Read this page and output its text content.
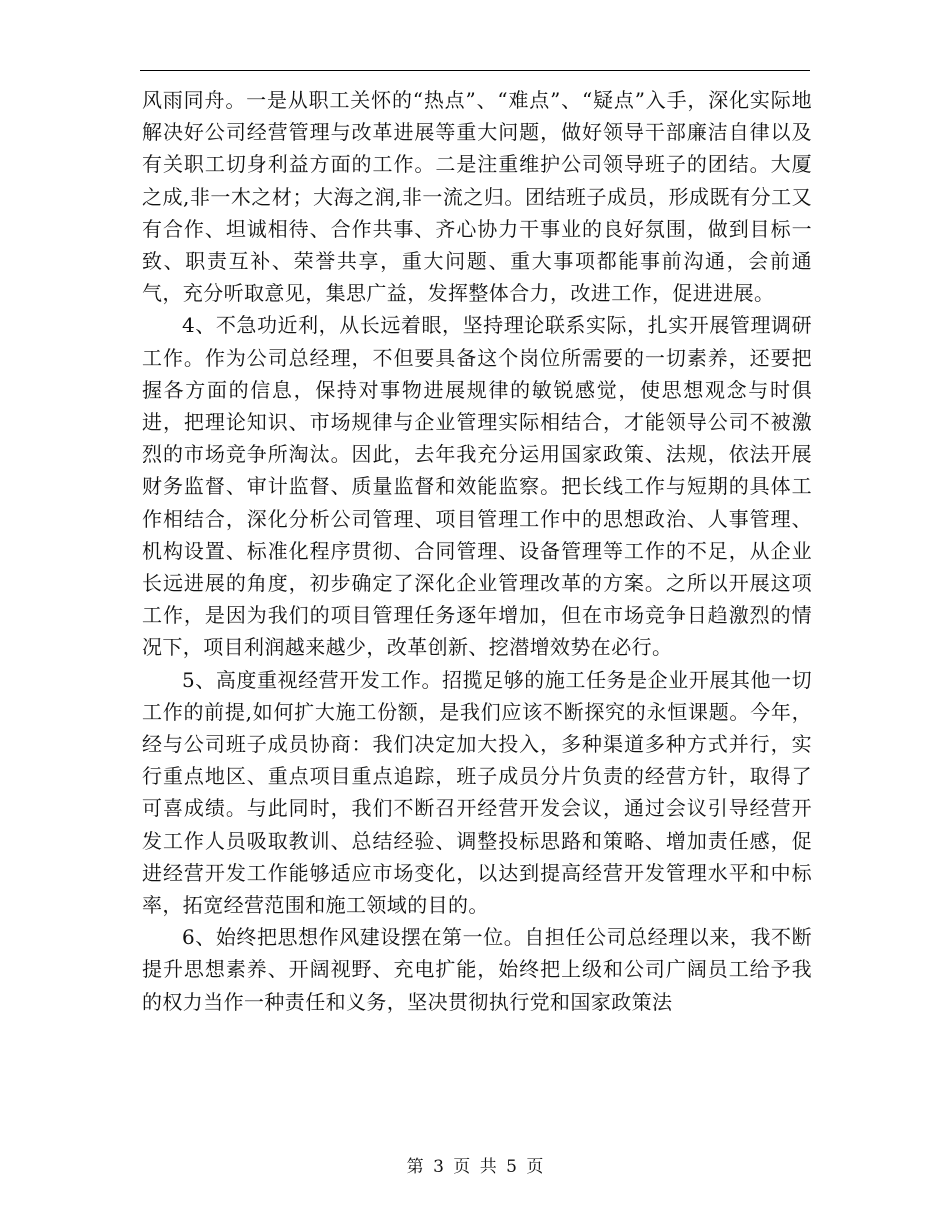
风雨同舟。一是从职工关怀的“热点”、“难点”、“疑点”入手，深化实际地解决好公司经营管理与改革进展等重大问题，做好领导干部廉洁自律以及有关职工切身利益方面的工作。二是注重维护公司领导班子的团结。大厦之成,非一木之材；大海之润,非一流之归。团结班子成员，形成既有分工又有合作、坦诚相待、合作共事、齐心协力干事业的良好氛围，做到目标一致、职责互补、荣誉共享，重大问题、重大事项都能事前沟通，会前通气，充分听取意见，集思广益，发挥整体合力，改进工作，促进进展。

4、不急功近利，从长远着眼，坚持理论联系实际，扎实开展管理调研工作。作为公司总经理，不但要具备这个岗位所需要的一切素养，还要把握各方面的信息，保持对事物进展规律的敏锐感觉，使思想观念与时俱进，把理论知识、市场规律与企业管理实际相结合，才能领导公司不被激烈的市场竞争所淘汰。因此，去年我充分运用国家政策、法规，依法开展财务监督、审计监督、质量监督和效能监察。把长线工作与短期的具体工作相结合，深化分析公司管理、项目管理工作中的思想政治、人事管理、机构设置、标准化程序贯彻、合同管理、设备管理等工作的不足，从企业长远进展的角度，初步确定了深化企业管理改革的方案。之所以开展这项工作，是因为我们的项目管理任务逐年增加，但在市场竞争日趋激烈的情况下，项目利润越来越少，改革创新、挖潜增效势在必行。

5、高度重视经营开发工作。招揽足够的施工任务是企业开展其他一切工作的前提,如何扩大施工份额，是我们应该不断探究的永恒课题。今年，经与公司班子成员协商：我们决定加大投入，多种渠道多种方式并行，实行重点地区、重点项目重点追踪，班子成员分片负责的经营方针，取得了可喜成绩。与此同时，我们不断召开经营开发会议，通过会议引导经营开发工作人员吸取教训、总结经验、调整投标思路和策略、增加责任感，促进经营开发工作能够适应市场变化，以达到提高经营开发管理水平和中标率，拓宽经营范围和施工领域的目的。

6、始终把思想作风建设摆在第一位。自担任公司总经理以来，我不断提升思想素养、开阔视野、充电扩能，始终把上级和公司广阔员工给予我的权力当作一种责任和义务，坚决贯彻执行党和国家政策法

第 3 页 共 5 页
